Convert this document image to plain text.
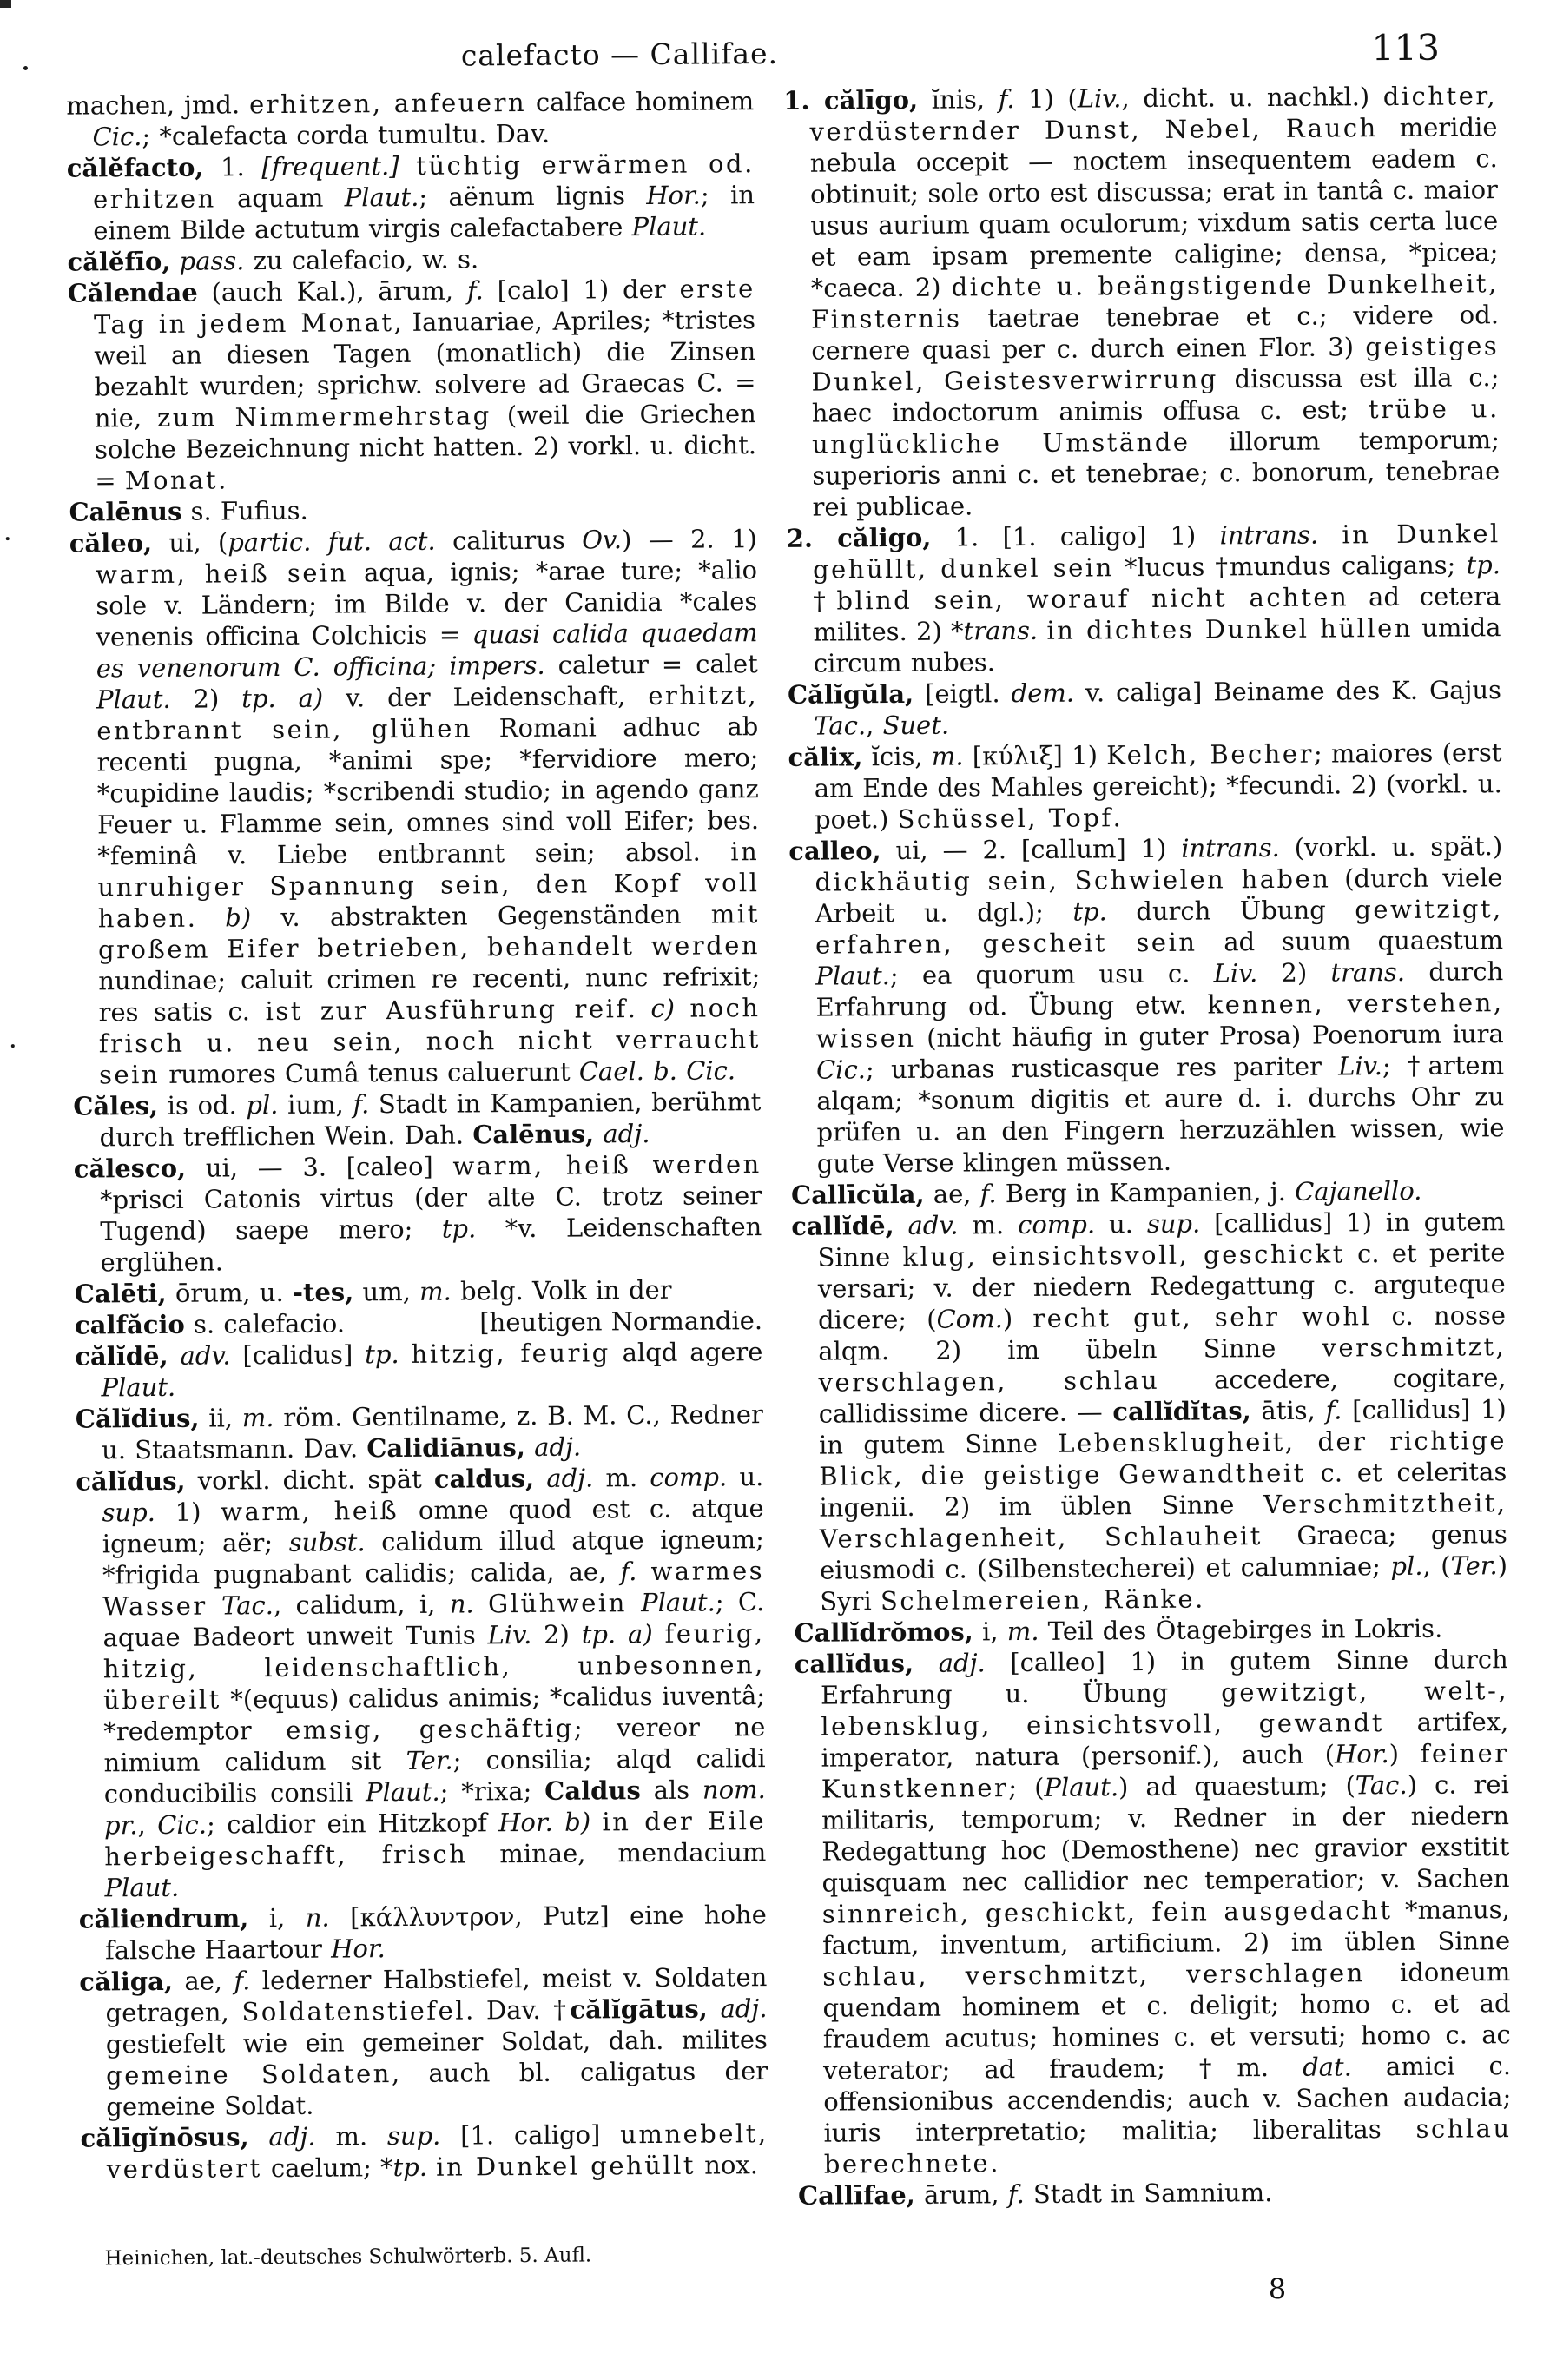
calefacto — Callifae.	113

machen, jmd. erhitzen, anfeuern calface hominem Cic.; *calefacta corda tumultu. Dav.

călĕfacto, 1. [frequent.] tüchtig erwärmen od. erhitzen aquam Plaut.; aënum lignis Hor.; in einem Bilde actutum virgis calefactabere Plaut.

călĕfīo, pass. zu calefacio, w. s.

Călendae (auch Kal.), ārum, f. [calo] 1) der erste Tag in jedem Monat, Ianuariae, Apriles; *tristes weil an diesen Tagen (monatlich) die Zinsen bezahlt wurden; sprichw. solvere ad Graecas C. = nie, zum Nimmermehrstag (weil die Griechen solche Bezeichnung nicht hatten. 2) vorkl. u. dicht. = Monat.

Calēnus s. Fufius.

căleo, ui, (partic. fut. act. caliturus Ov.) — 2. 1) warm, heiß sein aqua, ignis; *arae ture; *alio sole v. Ländern; im Bilde v. der Canidia *cales venenis officina Colchicis = quasi calida quaedam es venenorum C. officina; impers. caletur = calet Plaut. 2) tp. a) v. der Leidenschaft, erhitzt, entbrannt sein, glühen Romani adhuc ab recenti pugna, *animi spe; *fervidiore mero; *cupidine laudis; *scribendi studio; in agendo ganz Feuer u. Flamme sein, omnes sind voll Eifer; bes. *feminâ v. Liebe entbrannt sein; absol. in unruhiger Spannung sein, den Kopf voll haben. b) v. abstrakten Gegenständen mit großem Eifer betrieben, behandelt werden nundinae; caluit crimen re recenti, nunc refrixit; res satis c. ist zur Ausführung reif. c) noch frisch u. neu sein, noch nicht verraucht sein rumores Cumâ tenus caluerunt Cael. b. Cic.

Căles, is od. pl. ium, f. Stadt in Kampanien, berühmt durch trefflichen Wein. Dah. Calēnus, adj.

călesco, ui, — 3. [caleo] warm, heiß werden *prisci Catonis virtus (der alte C. trotz seiner Tugend) saepe mero; tp. *v. Leidenschaften erglühen.

Calēti, ōrum, u. -tes, um, m. belg. Volk in der

[heutigen Normandie.
calfăcio s. calefacio.

călĭdē, adv. [calidus] tp. hitzig, feurig alqd agere Plaut.

Călĭdius, ii, m. röm. Gentilname, z. B. M. C., Redner u. Staatsmann. Dav. Calidiānus, adj.

călĭdus, vorkl. dicht. spät caldus, adj. m. comp. u. sup. 1) warm, heiß omne quod est c. atque igneum; aër; subst. calidum illud atque igneum; *frigida pugnabant calidis; calida, ae, f. warmes Wasser Tac., calidum, i, n. Glühwein Plaut.; C. aquae Badeort unweit Tunis Liv. 2) tp. a) feurig, hitzig, leidenschaftlich, unbesonnen, übereilt *(equus) calidus animis; *calidus iuventâ; *redemptor emsig, geschäftig; vereor ne nimium calidum sit Ter.; consilia; alqd calidi conducibilis consili Plaut.; *rixa; Caldus als nom. pr., Cic.; caldior ein Hitzkopf Hor. b) in der Eile herbeigeschafft, frisch minae, mendacium Plaut.

căliendrum, i, n. [κάλλυντρον, Putz] eine hohe falsche Haartour Hor.

căliga, ae, f. lederner Halbstiefel, meist v. Soldaten getragen, Soldatenstiefel. Dav. †călĭgātus, adj. gestiefelt wie ein gemeiner Soldat, dah. milites gemeine Soldaten, auch bl. caligatus der gemeine Soldat.

călīgĭnōsus, adj. m. sup. [1. caligo] umnebelt, verdüstert caelum; *tp. in Dunkel gehüllt nox.

1. călīgo, ĭnis, f. 1) (Liv., dicht. u. nachkl.) dichter, verdüsternder Dunst, Nebel, Rauch meridie nebula occepit — noctem insequentem eadem c. obtinuit; sole orto est discussa; erat in tantâ c. maior usus aurium quam oculorum; vixdum satis certa luce et eam ipsam premente caligine; densa, *picea; *caeca. 2) dichte u. beängstigende Dunkelheit, Finsternis taetrae tenebrae et c.; videre od. cernere quasi per c. durch einen Flor. 3) geistiges Dunkel, Geistesverwirrung discussa est illa c.; haec indoctorum animis offusa c. est; trübe u. unglückliche Umstände illorum temporum; superioris anni c. et tenebrae; c. bonorum, tenebrae rei publicae.

2. căligo, 1. [1. caligo] 1) intrans. in Dunkel gehüllt, dunkel sein *lucus †mundus caligans; tp. †blind sein, worauf nicht achten ad cetera milites. 2) *trans. in dichtes Dunkel hüllen umida circum nubes.

Călĭgŭla, [eigtl. dem. v. caliga] Beiname des K. Gajus Tac., Suet.

călix, ĭcis, m. [κύλιξ] 1) Kelch, Becher; maiores (erst am Ende des Mahles gereicht); *fecundi. 2) (vorkl. u. poet.) Schüssel, Topf.

calleo, ui, — 2. [callum] 1) intrans. (vorkl. u. spät.) dickhäutig sein, Schwielen haben (durch viele Arbeit u. dgl.); tp. durch Übung gewitzigt, erfahren, gescheit sein ad suum quaestum Plaut.; ea quorum usu c. Liv. 2) trans. durch Erfahrung od. Übung etw. kennen, verstehen, wissen (nicht häufig in guter Prosa) Poenorum iura Cic.; urbanas rusticasque res pariter Liv.; †artem alqam; *sonum digitis et aure d. i. durchs Ohr zu prüfen u. an den Fingern herzuzählen wissen, wie gute Verse klingen müssen.

Callīcŭla, ae, f. Berg in Kampanien, j. Cajanello.

callĭdē, adv. m. comp. u. sup. [callidus] 1) in gutem Sinne klug, einsichtsvoll, geschickt c. et perite versari; v. der niedern Redegattung c. arguteque dicere; (Com.) recht gut, sehr wohl c. nosse alqm. 2) im übeln Sinne verschmitzt, verschlagen, schlau accedere, cogitare, callidissime dicere. — callĭdĭtas, ātis, f. [callidus] 1) in gutem Sinne Lebensklugheit, der richtige Blick, die geistige Gewandtheit c. et celeritas ingenii. 2) im üblen Sinne Verschmitztheit, Verschlagenheit, Schlauheit Graeca; genus eiusmodi c. (Silbenstecherei) et calumniae; pl., (Ter.) Syri Schelmereien, Ränke.

Callĭdrŏmos, i, m. Teil des Ötagebirges in Lokris.

callĭdus, adj. [calleo] 1) in gutem Sinne durch Erfahrung u. Übung gewitzigt, welt-, lebensklug, einsichtsvoll, gewandt artifex, imperator, natura (personif.), auch (Hor.) feiner Kunstkenner; (Plaut.) ad quaestum; (Tac.) c. rei militaris, temporum; v. Redner in der niedern Redegattung hoc (Demosthene) nec gravior exstitit quisquam nec callidior nec temperatior; v. Sachen sinnreich, geschickt, fein ausgedacht *manus, factum, inventum, artificium. 2) im üblen Sinne schlau, verschmitzt, verschlagen idoneum quendam hominem et c. deligit; homo c. et ad fraudem acutus; homines c. et versuti; homo c. ac veterator; ad fraudem; †m. dat. amici c. offensionibus accendendis; auch v. Sachen audacia; iuris interpretatio; malitia; liberalitas schlau berechnete.

Callīfae, ārum, f. Stadt in Samnium.

Heinichen, lat.-deutsches Schulwörterb. 5. Aufl.
8
